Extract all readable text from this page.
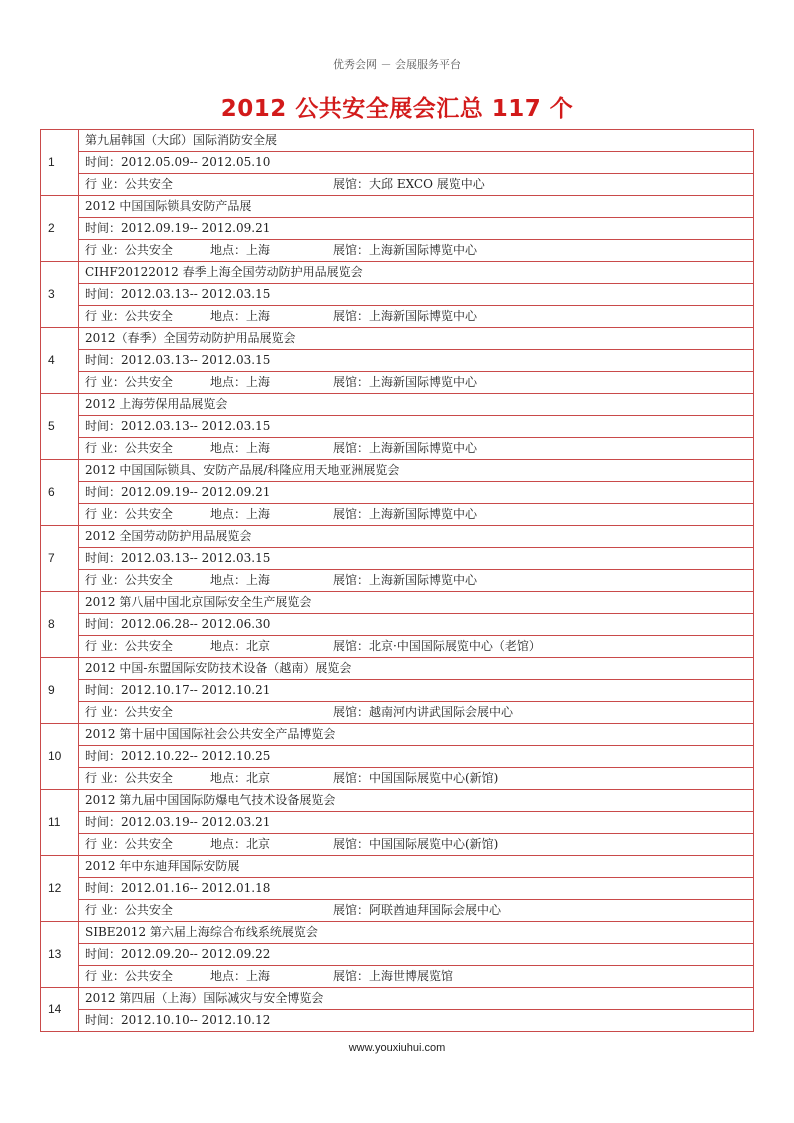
优秀会网 － 会展服务平台
2012 公共安全展会汇总 117 个
1	第九届韩国（大邱）国际消防安全展
	时间：2012.05.09-- 2012.05.10

	行 业：公共安全 展馆：大邱 EXCO 展览中心

2	2012 中国国际锁具安防产品展
	时间：2012.09.19-- 2012.09.21

	行 业：公共安全 地点：上海 展馆：上海新国际博览中心

3	CIHF20122012 春季上海全国劳动防护用品展览会
	时间：2012.03.13-- 2012.03.15

	行 业：公共安全 地点：上海 展馆：上海新国际博览中心

4	2012（春季）全国劳动防护用品展览会
	时间：2012.03.13-- 2012.03.15

	行 业：公共安全 地点：上海 展馆：上海新国际博览中心

5	2012 上海劳保用品展览会
	时间：2012.03.13-- 2012.03.15

	行 业：公共安全 地点：上海 展馆：上海新国际博览中心

6	2012 中国国际锁具、安防产品展/科隆应用天地亚洲展览会
	时间：2012.09.19-- 2012.09.21

	行 业：公共安全 地点：上海 展馆：上海新国际博览中心

7	2012 全国劳动防护用品展览会
	时间：2012.03.13-- 2012.03.15

	行 业：公共安全 地点：上海 展馆：上海新国际博览中心

8	2012 第八届中国北京国际安全生产展览会
	时间：2012.06.28-- 2012.06.30

	行 业：公共安全 地点：北京 展馆：北京·中国国际展览中心（老馆）

9	2012 中国-东盟国际安防技术设备（越南）展览会
	时间：2012.10.17-- 2012.10.21

	行 业：公共安全 展馆：越南河内讲武国际会展中心

10	2012 第十届中国国际社会公共安全产品博览会
	时间：2012.10.22-- 2012.10.25

	行 业：公共安全 地点：北京 展馆：中国国际展览中心(新馆)

11	2012 第九届中国国际防爆电气技术设备展览会
	时间：2012.03.19-- 2012.03.21

	行 业：公共安全 地点：北京 展馆：中国国际展览中心(新馆)

12	2012 年中东迪拜国际安防展
	时间：2012.01.16-- 2012.01.18

	行 业：公共安全 展馆：阿联酋迪拜国际会展中心

13	SIBE2012 第六届上海综合布线系统展览会
	时间：2012.09.20-- 2012.09.22

	行 业：公共安全 地点：上海 展馆：上海世博展览馆

14	2012 第四届（上海）国际减灾与安全博览会
	时间：2012.10.10-- 2012.10.12
www.youxiuhui.com
